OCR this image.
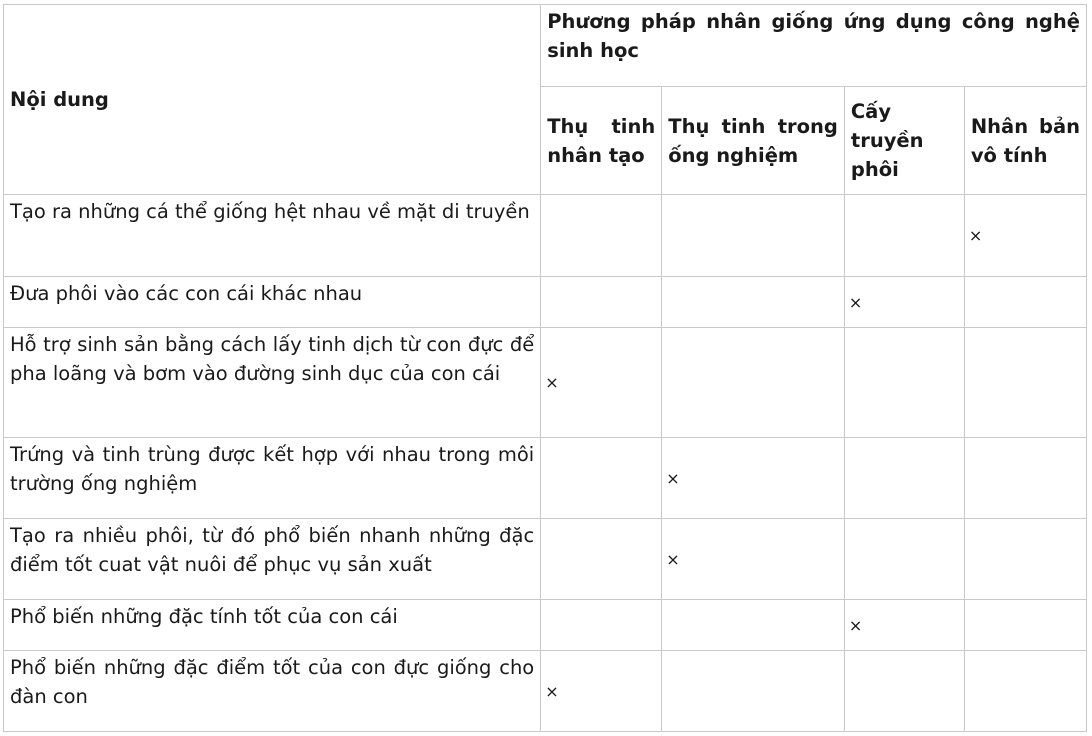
Nội dung	Phương pháp nhân giống ứng dụng công nghệ sinh học			
	Thụ tinh nhân tạo	Thụ tinh trong ống nghiệm	Cấy truyền phôi	Nhân bản vô tính
Tạo ra những cá thể giống hệt nhau về mặt di truyền				×
Đưa phôi vào các con cái khác nhau			×	
Hỗ trợ sinh sản bằng cách lấy tinh dịch từ con đực để pha loãng và bơm vào đường sinh dục của con cái	×			
Trứng và tinh trùng được kết hợp với nhau trong môi trường ống nghiệm		×		
Tạo ra nhiều phôi, từ đó phổ biến nhanh những đặc điểm tốt cuat vật nuôi để phục vụ sản xuất		×		
Phổ biến những đặc tính tốt của con cái			×	
Phổ biến những đặc điểm tốt của con đực giống cho đàn con	×			
